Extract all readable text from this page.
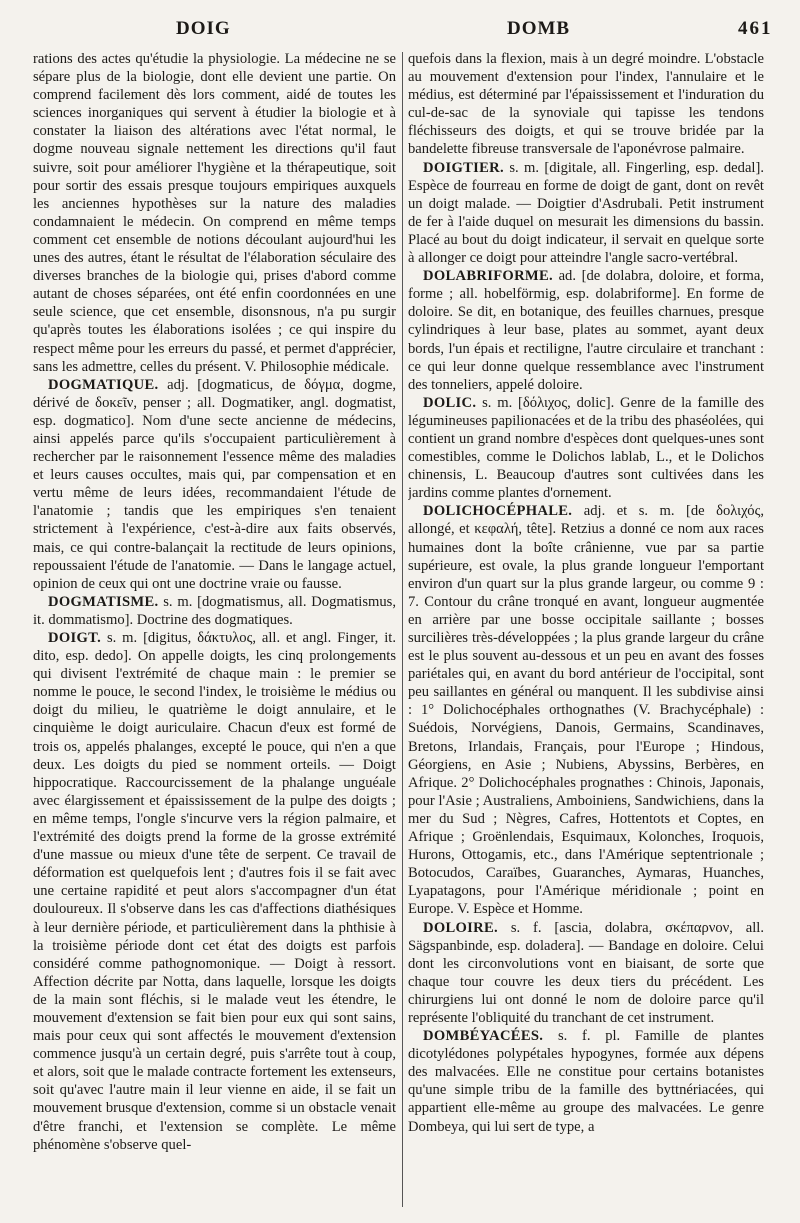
DOIG	DOMB	461

rations des actes qu'étudie la physiologie. La médecine ne se sépare plus de la biologie, dont elle devient une partie. On comprend facilement dès lors comment, aidé de toutes les sciences inorganiques qui servent à étudier la biologie et à constater la liaison des altérations avec l'état normal, le dogme nouveau signale nettement les directions qu'il faut suivre, soit pour améliorer l'hygiène et la thérapeutique, soit pour sortir des essais presque toujours empiriques auxquels les anciennes hypothèses sur la nature des maladies condamnaient le médecin. On comprend en même temps comment cet ensemble de notions découlant aujourd'hui les unes des autres, étant le résultat de l'élaboration séculaire des diverses branches de la biologie qui, prises d'abord comme autant de choses séparées, ont été enfin coordonnées en une seule science, que cet ensemble, disonsnous, n'a pu surgir qu'après toutes les élaborations isolées ; ce qui inspire du respect même pour les erreurs du passé, et permet d'apprécier, sans les admettre, celles du présent. V. Philosophie médicale.

DOGMATIQUE. adj. [dogmaticus, de δόγμα, dogme, dérivé de δοκεῖν, penser ; all. Dogmatiker, angl. dogmatist, esp. dogmatico]. Nom d'une secte ancienne de médecins, ainsi appelés parce qu'ils s'occupaient particulièrement à rechercher par le raisonnement l'essence même des maladies et leurs causes occultes, mais qui, par compensation et en vertu même de leurs idées, recommandaient l'étude de l'anatomie ; tandis que les empiriques s'en tenaient strictement à l'expérience, c'est-à-dire aux faits observés, mais, ce qui contre-balançait la rectitude de leurs opinions, repoussaient l'étude de l'anatomie. — Dans le langage actuel, opinion de ceux qui ont une doctrine vraie ou fausse.

DOGMATISME. s. m. [dogmatismus, all. Dogmatismus, it. dommatismo]. Doctrine des dogmatiques.

DOIGT. s. m. [digitus, δάκτυλος, all. et angl. Finger, it. dito, esp. dedo]. On appelle doigts, les cinq prolongements qui divisent l'extrémité de chaque main : le premier se nomme le pouce, le second l'index, le troisième le médius ou doigt du milieu, le quatrième le doigt annulaire, et le cinquième le doigt auriculaire. Chacun d'eux est formé de trois os, appelés phalanges, excepté le pouce, qui n'en a que deux. Les doigts du pied se nomment orteils. — Doigt hippocratique. Raccourcissement de la phalange unguéale avec élargissement et épaississement de la pulpe des doigts ; en même temps, l'ongle s'incurve vers la région palmaire, et l'extrémité des doigts prend la forme de la grosse extrémité d'une massue ou mieux d'une tête de serpent. Ce travail de déformation est quelquefois lent ; d'autres fois il se fait avec une certaine rapidité et peut alors s'accompagner d'un état douloureux. Il s'observe dans les cas d'affections diathésiques à leur dernière période, et particulièrement dans la phthisie à la troisième période dont cet état des doigts est parfois considéré comme pathognomonique. — Doigt à ressort. Affection décrite par Notta, dans laquelle, lorsque les doigts de la main sont fléchis, si le malade veut les étendre, le mouvement d'extension se fait bien pour eux qui sont sains, mais pour ceux qui sont affectés le mouvement d'extension commence jusqu'à un certain degré, puis s'arrête tout à coup, et alors, soit que le malade contracte fortement les extenseurs, soit qu'avec l'autre main il leur vienne en aide, il se fait un mouvement brusque d'extension, comme si un obstacle venait d'être franchi, et l'extension se complète. Le même phénomène s'observe quel-

quefois dans la flexion, mais à un degré moindre. L'obstacle au mouvement d'extension pour l'index, l'annulaire et le médius, est déterminé par l'épaississement et l'induration du cul-de-sac de la synoviale qui tapisse les tendons fléchisseurs des doigts, et qui se trouve bridée par la bandelette fibreuse transversale de l'aponévrose palmaire.

DOIGTIER. s. m. [digitale, all. Fingerling, esp. dedal]. Espèce de fourreau en forme de doigt de gant, dont on revêt un doigt malade. — Doigtier d'Asdrubali. Petit instrument de fer à l'aide duquel on mesurait les dimensions du bassin. Placé au bout du doigt indicateur, il servait en quelque sorte à allonger ce doigt pour atteindre l'angle sacro-vertébral.

DOLABRIFORME. ad. [de dolabra, doloire, et forma, forme ; all. hobelförmig, esp. dolabriforme]. En forme de doloire. Se dit, en botanique, des feuilles charnues, presque cylindriques à leur base, plates au sommet, ayant deux bords, l'un épais et rectiligne, l'autre circulaire et tranchant : ce qui leur donne quelque ressemblance avec l'instrument des tonneliers, appelé doloire.

DOLIC. s. m. [δόλιχος, dolic]. Genre de la famille des légumineuses papilionacées et de la tribu des phaséolées, qui contient un grand nombre d'espèces dont quelques-unes sont comestibles, comme le Dolichos lablab, L., et le Dolichos chinensis, L. Beaucoup d'autres sont cultivées dans les jardins comme plantes d'ornement.

DOLICHOCÉPHALE. adj. et s. m. [de δολιχός, allongé, et κεφαλή, tête]. Retzius a donné ce nom aux races humaines dont la boîte crânienne, vue par sa partie supérieure, est ovale, la plus grande longueur l'emportant environ d'un quart sur la plus grande largeur, ou comme 9 : 7. Contour du crâne tronqué en avant, longueur augmentée en arrière par une bosse occipitale saillante ; bosses surcilières très-développées ; la plus grande largeur du crâne est le plus souvent au-dessous et un peu en avant des fosses pariétales qui, en avant du bord antérieur de l'occipital, sont peu saillantes en général ou manquent. Il les subdivise ainsi : 1° Dolichocéphales orthognathes (V. Brachycéphale) : Suédois, Norvégiens, Danois, Germains, Scandinaves, Bretons, Irlandais, Français, pour l'Europe ; Hindous, Géorgiens, en Asie ; Nubiens, Abyssins, Berbères, en Afrique. 2° Dolichocéphales prognathes : Chinois, Japonais, pour l'Asie ; Australiens, Amboiniens, Sandwichiens, dans la mer du Sud ; Nègres, Cafres, Hottentots et Coptes, en Afrique ; Groënlendais, Esquimaux, Kolonches, Iroquois, Hurons, Ottogamis, etc., dans l'Amérique septentrionale ; Botocudos, Caraïbes, Guaranches, Aymaras, Huanches, Lyapatagons, pour l'Amérique méridionale ; point en Europe. V. Espèce et Homme.

DOLOIRE. s. f. [ascia, dolabra, σκέπαρνον, all. Sägspanbinde, esp. doladera]. — Bandage en doloire. Celui dont les circonvolutions vont en biaisant, de sorte que chaque tour couvre les deux tiers du précédent. Les chirurgiens lui ont donné le nom de doloire parce qu'il représente l'obliquité du tranchant de cet instrument.

DOMBÉYACÉES. s. f. pl. Famille de plantes dicotylédones polypétales hypogynes, formée aux dépens des malvacées. Elle ne constitue pour certains botanistes qu'une simple tribu de la famille des byttnériacées, qui appartient elle-même au groupe des malvacées. Le genre Dombeya, qui lui sert de type, a
